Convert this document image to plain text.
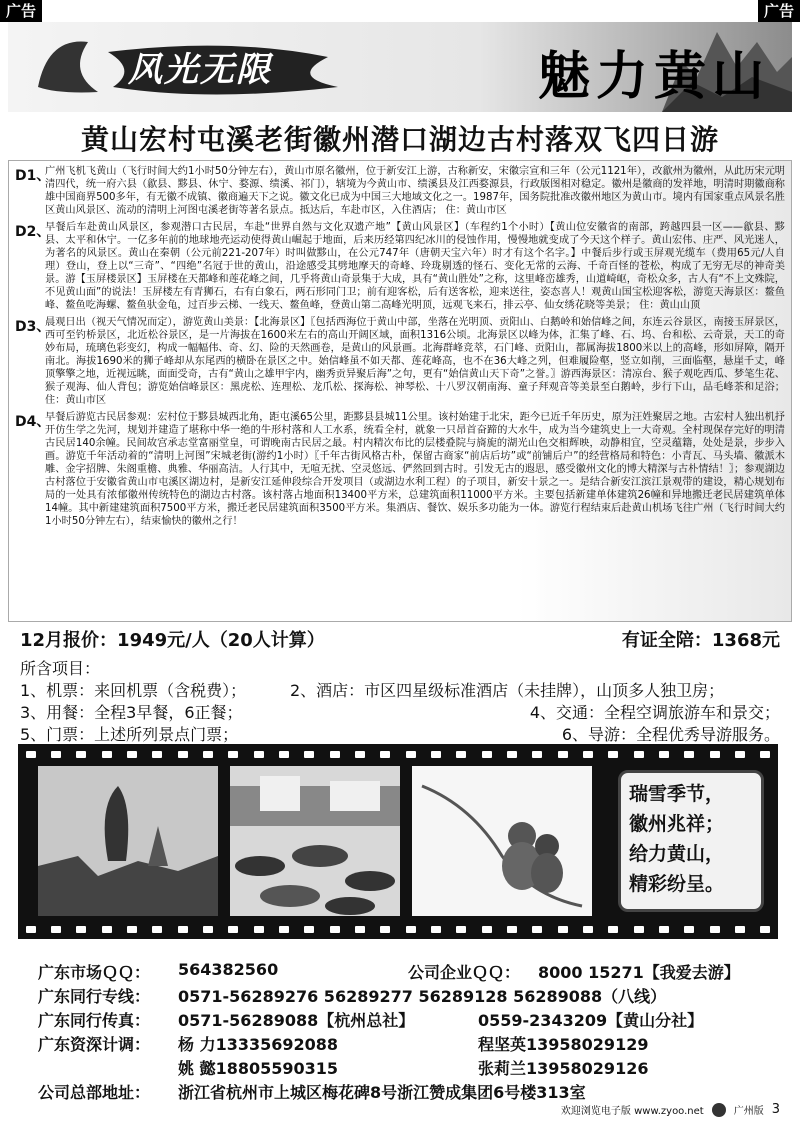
广告	广告
风光无限	魅力黄山
黄山宏村屯溪老街徽州潜口湖边古村落双飞四日游
D1、
广州飞机飞黄山（飞行时间大约1小时50分钟左右），黄山市原名徽州，位于新安江上游，古称新安，宋徽宗宣和三年（公元1121年），改歙州为徽州，从此历宋元明清四代，统一府六县（歙县、黟县、休宁、婺源、绩溪、祁门），辖境为今黄山市、绩溪县及江西婺源县，行政版图相对稳定。徽州是徽商的发祥地，明清时期徽商称雄中国商界500多年，有无徽不成镇、徽商遍天下之说。徽文化已成为中国三大地域文化之一。1987年，国务院批准改徽州地区为黄山市。境内有国家重点风景名胜区黄山风景区、流动的清明上河图屯溪老街等著名景点。抵达后，车赴市区，入住酒店； 住：黄山市区
D2、
早餐后车赴黄山风景区，参观潜口古民居，车赴“世界自然与文化双遗产地”【黄山风景区】（车程约1个小时）【黄山位安徽省的南部，跨越四县一区——歙县、黟县、太平和休宁。一亿多年前的地球地壳运动使得黄山崛起于地面，后来历经第四纪冰川的侵蚀作用，慢慢地就变成了今天这个样子。黄山宏伟、庄严、风光迷人，为著名的风景区。黄山在秦朝（公元前221-207年）时叫做黟山，在公元747年（唐朝天宝六年）时才有这个名字。】中餐后步行或玉屏观光缆车（费用65元/人自理）登山，登上以“三奇”、“四绝”名冠于世的黄山，沿途感受其劈地摩天的奇峰、玲珑剔透的怪石、变化无常的云海、千奇百怪的苍松，构成了无穷无尽的神奇美景。游【玉屏楼景区】玉屏楼在天都峰和莲花峰之间，几乎将黄山奇景集于大成，具有“黄山胜处”之称，这里峰峦雄秀，山道崎岖，奇松众多，古人有“不上文殊院，不见黄山面”的说法！玉屏楼左有青狮石，右有白象石，两石形同门卫；前有迎客松，后有送客松，迎来送往，姿态喜人！观黄山国宝松迎客松，游览天海景区：鳌鱼峰、鳌鱼吃海螺、鳌鱼驮金龟，过百步云梯、一线天、鳌鱼峰，登黄山第二高峰光明顶，远观飞来石，排云亭、仙女绣花晓等美景； 住：黄山山顶
D3、
晨观日出（视天气情况而定），游览黄山美景：【北海景区】〖包括西海位于黄山中部，坐落在光明顶、贡阳山、白鹅岭和始信峰之间，东连云谷景区，南接玉屏景区，西可至钓桥景区，北近松谷景区，是一片海拔在1600米左右的高山开阔区域，面积1316公顷。北海景区以峰为体，汇集了峰、石、坞、台和松、云奇景，天工的奇妙布局，琉璃色彩变幻，构成一幅幅伟、奇、幻、险的天然画卷，是黄山的风景画。北海群峰竞萃，石门峰、贡阳山，都属海拔1800米以上的高峰，形如屏障，隔开南北。海拔1690米的狮子峰却从东尾西的横卧在景区之中。始信峰虽不如天都、莲花峰高，也不在36大峰之列，但难履险壑，竖立如削，三面临壑，悬崖千丈，峰顶擎擎之地，近视远眺，面面受奇，古有“黄山之雄甲宇内，幽秀贡异聚后海”之句，更有“始信黄山天下奇”之誉。〗游西海景区：清凉台、猴子观吃西瓜、梦笔生花、猴子观海、仙人背包；游览始信峰景区：黑虎松、连理松、龙爪松、探海松、神琴松、十八罗汉朝南海、童子拜观音等美景至白鹅岭，步行下山，品毛峰茶和足浴； 住：黄山市区
D4、
早餐后游览古民居参观：宏村位于黟县城西北角，距屯溪65公里，距黟县县城11公里。该村始建于北宋，距今已近千年历史，原为汪姓聚居之地。古宏村人独出机抒开仿生学之先河，规划并建造了堪称中华一绝的牛形村落和人工水系，统看全村，就象一只昂首奋蹄的大水牛，成为当今建筑史上一大奇观。全村现保存完好的明清古民居140余幢。民间故宫承志堂富丽堂皇，可谓晚南古民居之最。村内精次布比的层楼叠院与旖旎的湖光山色交相辉映，动静相宜，空灵蕴籍，处处是景，步步入画。游览千年活动着的“清明上河图”宋城老街(游约1小时）〖千年古街风格古朴，保留古商家“前店后坊”或“前铺后户”的经营格局和特色：小青瓦、马头墙、徽派木雕、金字招牌、朱阁重檐、典雅、华丽高洁。人行其中，无喧无扰、空灵悠远、俨然回到古时。引发无古的遐思，感受徽州文化的博大精深与古朴情结！〗；参观湖边古村落位于安徽省黄山市屯溪区湖边村，是新安江延伸段综合开发项目（或湖边水利工程）的子项目，新安十景之一。是结合新安江滨江景观带的建设，精心规划布局的一处具有浓郁徽州传统特色的湖边古村落。该村落占地面积13400平方米，总建筑面积11000平方米。主要包括新建单体建筑26幢和异地搬迁老民居建筑单体14幢。其中新建建筑面积7500平方米，搬迁老民居建筑面积3500平方米。集酒店、餐饮、娱乐多功能为一体。游览行程结束后赴黄山机场飞往广州（飞行时间大约1小时50分钟左右），结束愉快的徽州之行！
12月报价：1949元/人（20人计算）	有证全陪：1368元
所含项目：
1、机票：来回机票（含税费）；	2、酒店：市区四星级标准酒店（未挂牌），山顶多人独卫房；
3、用餐：全程3早餐，6正餐；	4、交通：全程空调旅游车和景交；
5、门票：上述所列景点门票；	6、导游：全程优秀导游服务。
瑞雪季节，
徽州兆祥；
给力黄山，
精彩纷呈。
广东市场ＱＱ： 564382560	公司企业ＱＱ： 8000 15271【我爱去游】
广东同行专线： 0571-56289276 56289277 56289128 56289088（八线）
广东同行传真： 0571-56289088【杭州总社】	0559-2343209【黄山分社】
广东资深计调： 杨 力13335692088	程坚英13958029129
姚 懿18805590315	张莉兰13958029126
公司总部地址： 浙江省杭州市上城区梅花碑8号浙江赞成集团6号楼313室
欢迎浏览电子版 www.zyoo.net	广州版 3
